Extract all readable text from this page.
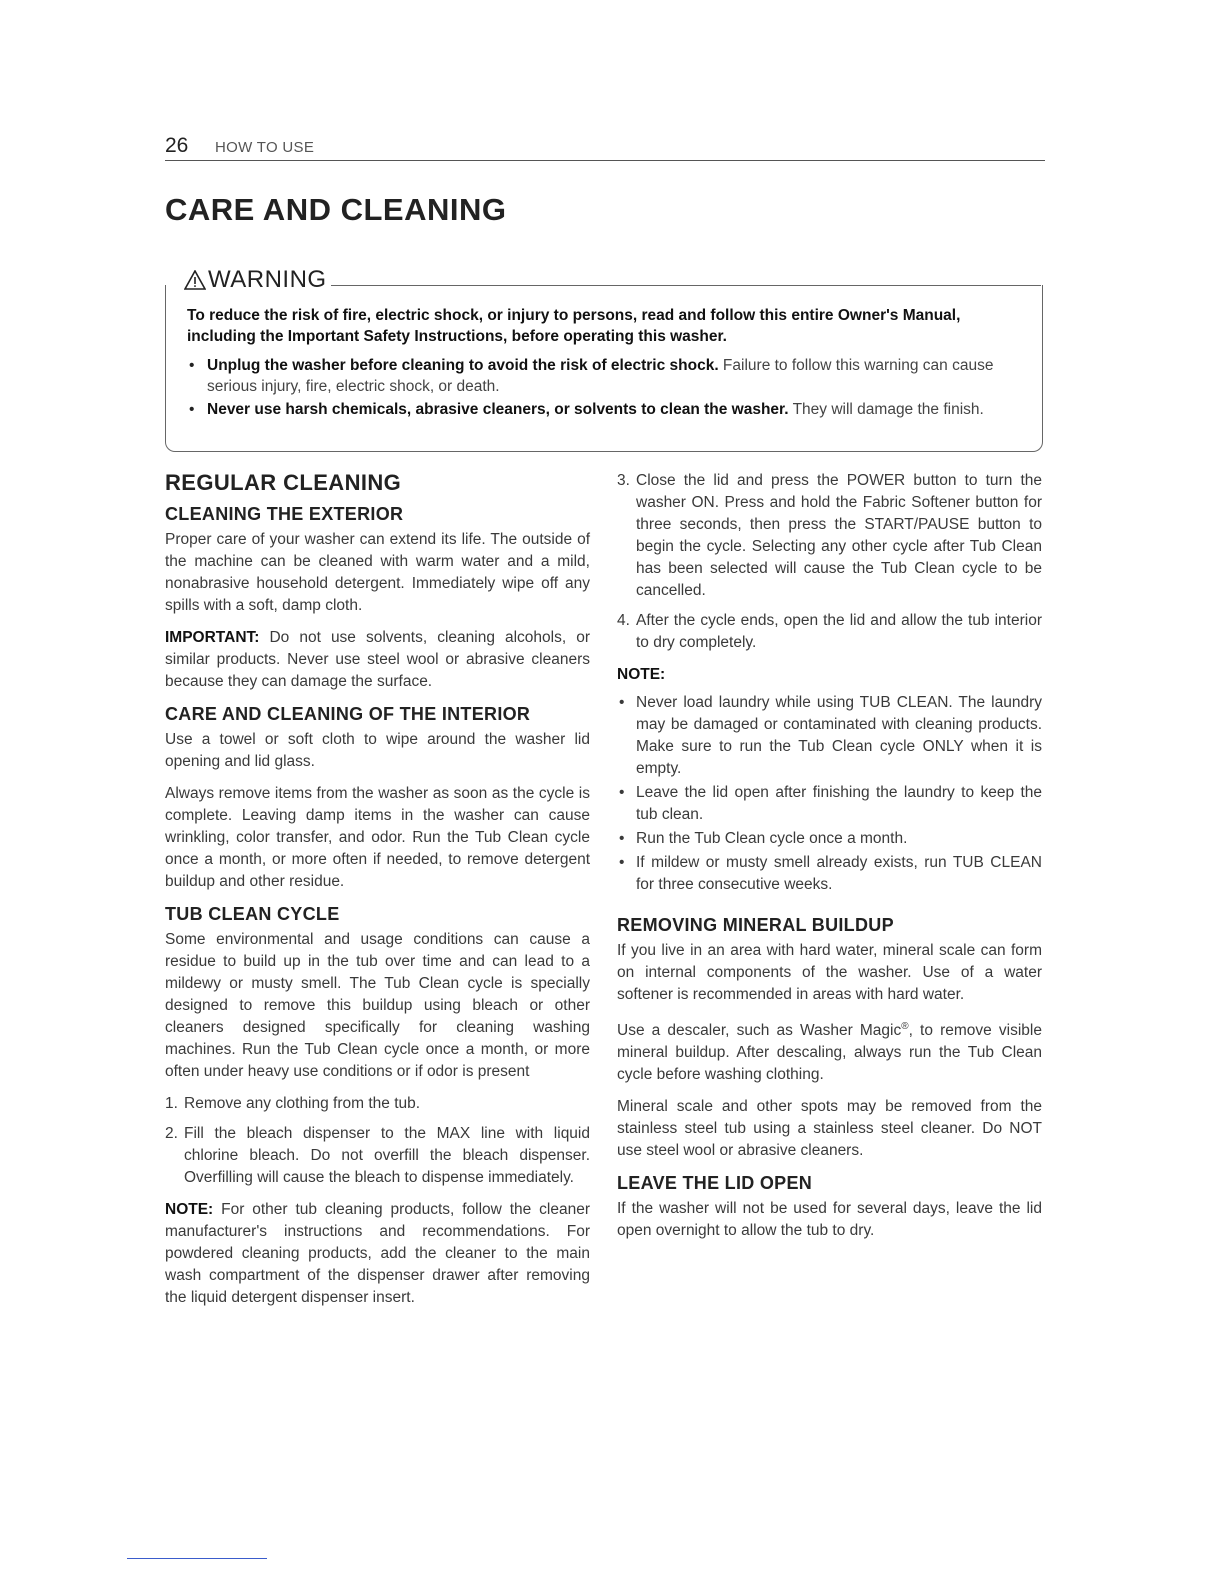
26 HOW TO USE
CARE AND CLEANING
WARNING
To reduce the risk of fire, electric shock, or injury to persons, read and follow this entire Owner's Manual, including the Important Safety Instructions, before operating this washer.
• Unplug the washer before cleaning to avoid the risk of electric shock. Failure to follow this warning can cause serious injury, fire, electric shock, or death.
• Never use harsh chemicals, abrasive cleaners, or solvents to clean the washer. They will damage the finish.
REGULAR CLEANING
CLEANING THE EXTERIOR

Proper care of your washer can extend its life. The outside of the machine can be cleaned with warm water and a mild, nonabrasive household detergent. Immediately wipe off any spills with a soft, damp cloth.

IMPORTANT: Do not use solvents, cleaning alcohols, or similar products. Never use steel wool or abrasive cleaners because they can damage the surface.

CARE AND CLEANING OF THE INTERIOR

Use a towel or soft cloth to wipe around the washer lid opening and lid glass.

Always remove items from the washer as soon as the cycle is complete. Leaving damp items in the washer can cause wrinkling, color transfer, and odor. Run the Tub Clean cycle once a month, or more often if needed, to remove detergent buildup and other residue.

TUB CLEAN CYCLE

Some environmental and usage conditions can cause a residue to build up in the tub over time and can lead to a mildewy or musty smell. The Tub Clean cycle is specially designed to remove this buildup using bleach or other cleaners designed specifically for cleaning washing machines. Run the Tub Clean cycle once a month, or more often under heavy use conditions or if odor is present

1. Remove any clothing from the tub.
2. Fill the bleach dispenser to the MAX line with liquid chlorine bleach. Do not overfill the bleach dispenser. Overfilling will cause the bleach to dispense immediately.

NOTE: For other tub cleaning products, follow the cleaner manufacturer's instructions and recommendations. For powdered cleaning products, add the cleaner to the main wash compartment of the dispenser drawer after removing the liquid detergent dispenser insert.

3. Close the lid and press the POWER button to turn the washer ON. Press and hold the Fabric Softener button for three seconds, then press the START/PAUSE button to begin the cycle. Selecting any other cycle after Tub Clean has been selected will cause the Tub Clean cycle to be cancelled.
4. After the cycle ends, open the lid and allow the tub interior to dry completely.
NOTE:
• Never load laundry while using TUB CLEAN. The laundry may be damaged or contaminated with cleaning products. Make sure to run the Tub Clean cycle ONLY when it is empty.
• Leave the lid open after finishing the laundry to keep the tub clean.
• Run the Tub Clean cycle once a month.
• If mildew or musty smell already exists, run TUB CLEAN for three consecutive weeks.
REMOVING MINERAL BUILDUP

If you live in an area with hard water, mineral scale can form on internal components of the washer. Use of a water softener is recommended in areas with hard water.

Use a descaler, such as Washer Magic®, to remove visible mineral buildup. After descaling, always run the Tub Clean cycle before washing clothing.

Mineral scale and other spots may be removed from the stainless steel tub using a stainless steel cleaner. Do NOT use steel wool or abrasive cleaners.

LEAVE THE LID OPEN

If the washer will not be used for several days, leave the lid open overnight to allow the tub to dry.
